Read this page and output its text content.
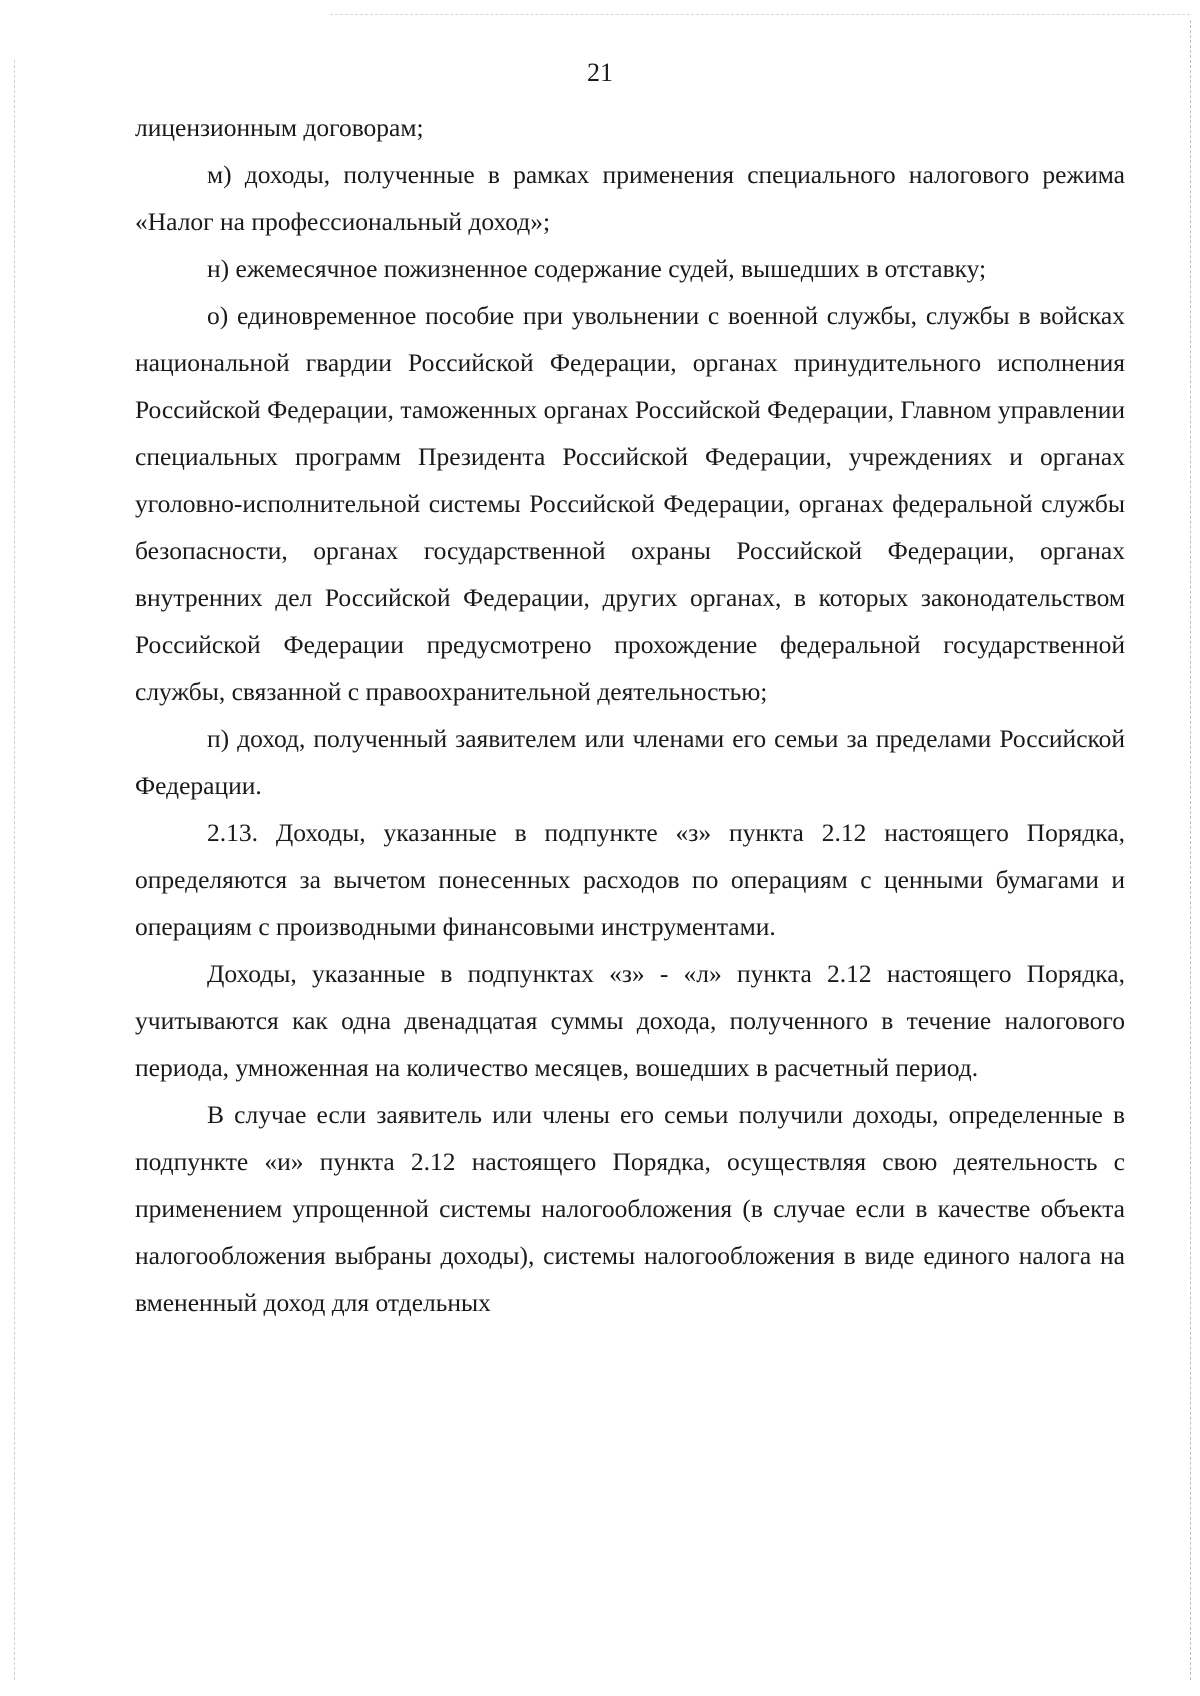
21

лицензионным договорам;

м) доходы, полученные в рамках применения специального налогового режима «Налог на профессиональный доход»;

н) ежемесячное пожизненное содержание судей, вышедших в отставку;

о) единовременное пособие при увольнении с военной службы, службы в войсках национальной гвардии Российской Федерации, органах принудительного исполнения Российской Федерации, таможенных органах Российской Федерации, Главном управлении специальных программ Президента Российской Федерации, учреждениях и органах уголовно-исполнительной системы Российской Федерации, органах федеральной службы безопасности, органах государственной охраны Российской Федерации, органах внутренних дел Российской Федерации, других органах, в которых законодательством Российской Федерации предусмотрено прохождение федеральной государственной службы, связанной с правоохранительной деятельностью;

п) доход, полученный заявителем или членами его семьи за пределами Российской Федерации.

2.13. Доходы, указанные в подпункте «з» пункта 2.12 настоящего Порядка, определяются за вычетом понесенных расходов по операциям с ценными бумагами и операциям с производными финансовыми инструментами.

Доходы, указанные в подпунктах «з» - «л» пункта 2.12 настоящего Порядка, учитываются как одна двенадцатая суммы дохода, полученного в течение налогового периода, умноженная на количество месяцев, вошедших в расчетный период.

В случае если заявитель или члены его семьи получили доходы, определенные в подпункте «и» пункта 2.12 настоящего Порядка, осуществляя свою деятельность с применением упрощенной системы налогообложения (в случае если в качестве объекта налогообложения выбраны доходы), системы налогообложения в виде единого налога на вмененный доход для отдельных
